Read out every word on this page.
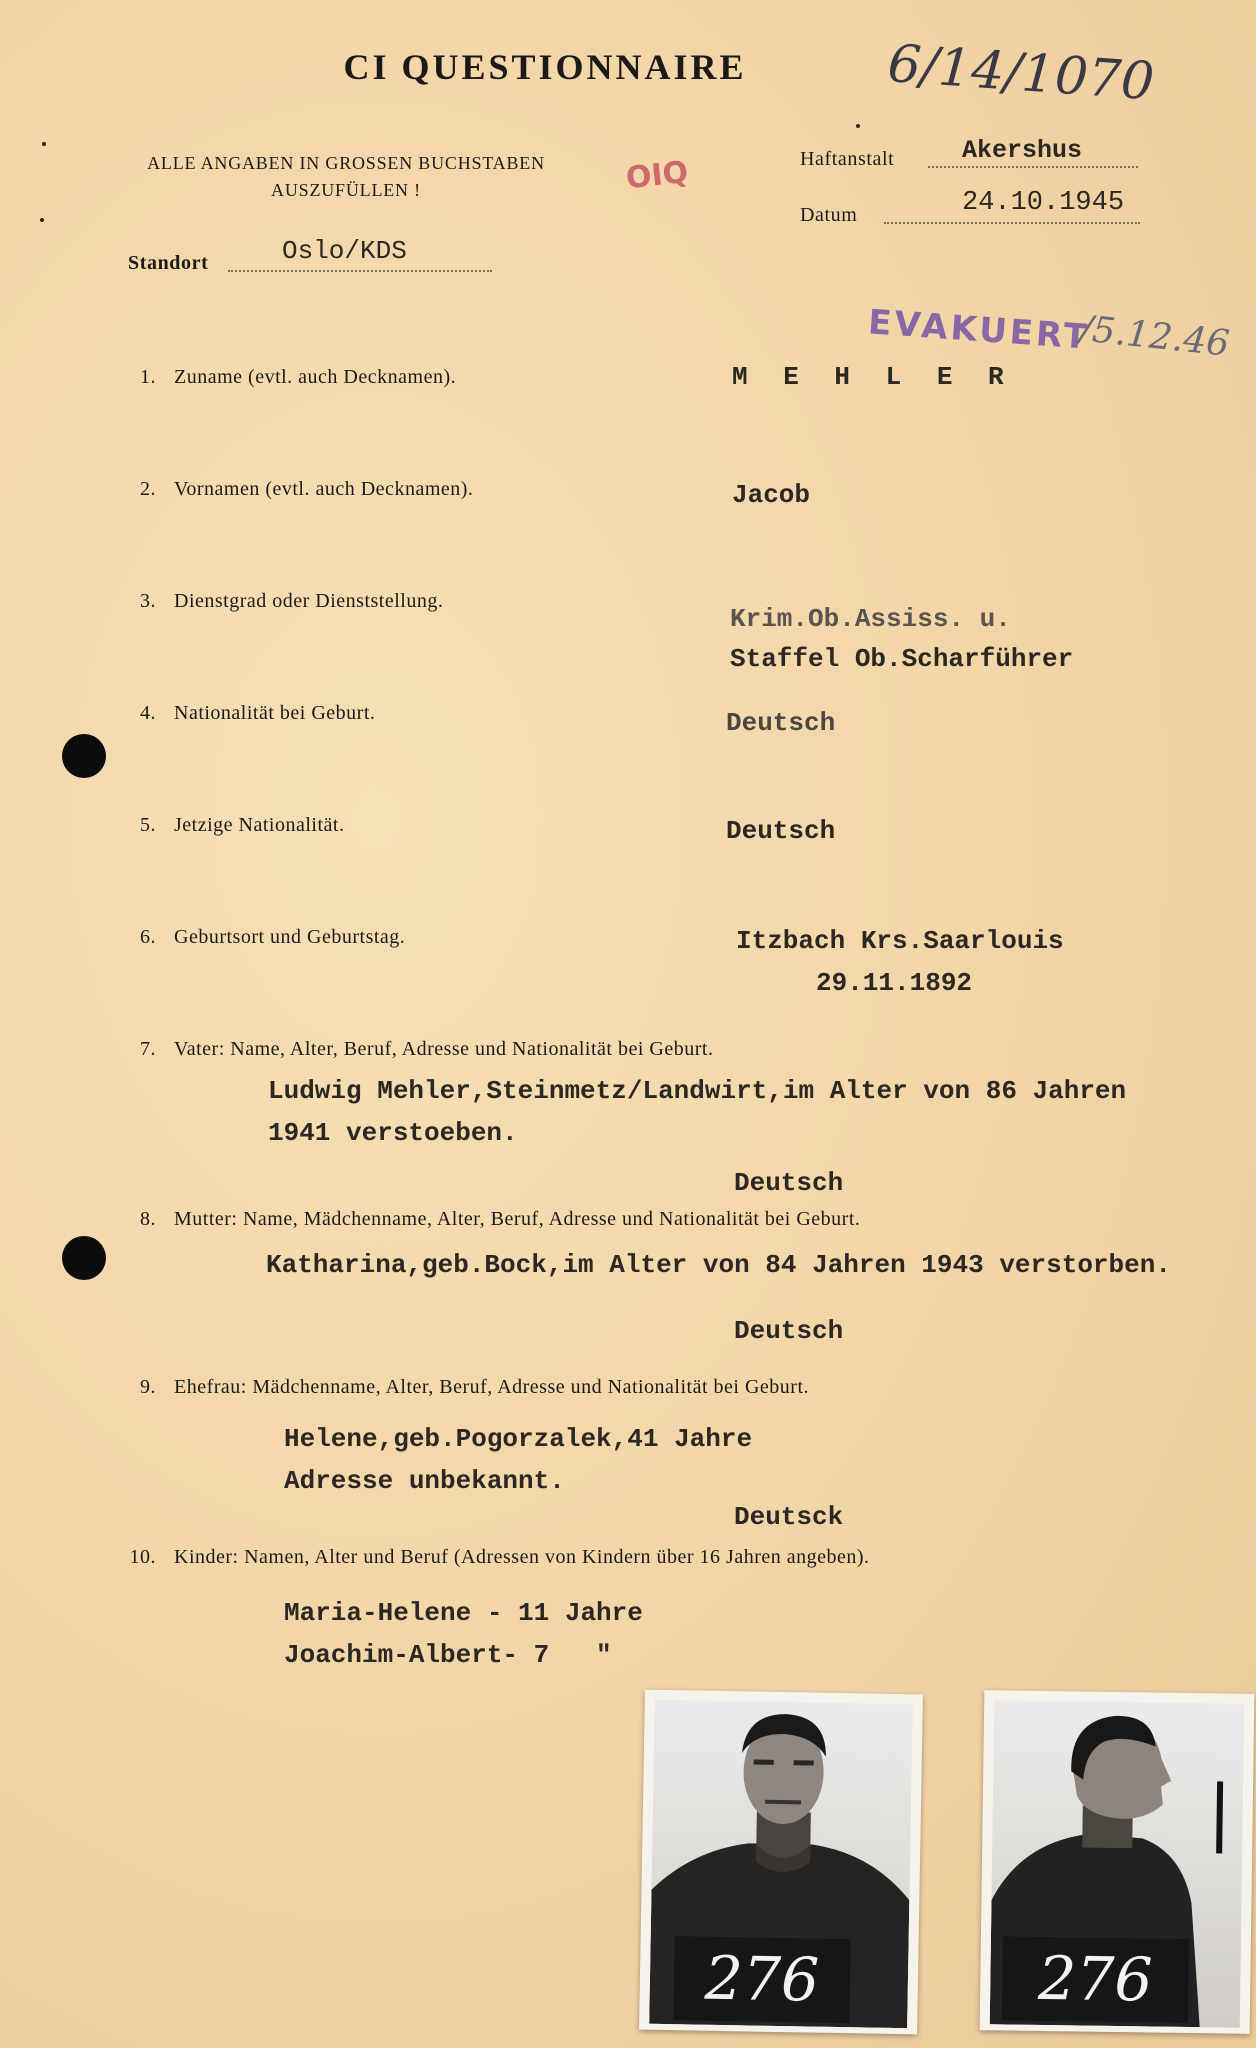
CI QUESTIONNAIRE	6/14/1070
ALLE ANGABEN IN GROSSEN BUCHSTABEN
AUSZUFÜLLEN !	OIQ	Haftanstalt	Akershus
Datum	24.10.1945
Standort	Oslo/KDS
EVAKUERT
/5.12.46
1. Zuname (evtl. auch Decknamen).	M E H L E R
2. Vornamen (evtl. auch Decknamen).	Jacob
3. Dienstgrad oder Dienststellung.
Krim.Ob.Assiss. u.
Staffel Ob.Scharführer
4. Nationalität bei Geburt.	Deutsch
5. Jetzige Nationalität.	Deutsch
6. Geburtsort und Geburtstag.	Itzbach Krs.Saarlouis
29.11.1892
7. Vater: Name, Alter, Beruf, Adresse und Nationalität bei Geburt.
Ludwig Mehler,Steinmetz/Landwirt,im Alter von 86 Jahren
1941 verstoeben.
Deutsch
8. Mutter: Name, Mädchenname, Alter, Beruf, Adresse und Nationalität bei Geburt.
Katharina,geb.Bock,im Alter von 84 Jahren 1943 verstorben.
Deutsch
9. Ehefrau: Mädchenname, Alter, Beruf, Adresse und Nationalität bei Geburt.
Helene,geb.Pogorzalek,41 Jahre
Adresse unbekannt.
Deutsck
10. Kinder: Namen, Alter und Beruf (Adressen von Kindern über 16 Jahren angeben).
Maria-Helene - 11 Jahre
Joachim-Albert- 7   "
276	276
